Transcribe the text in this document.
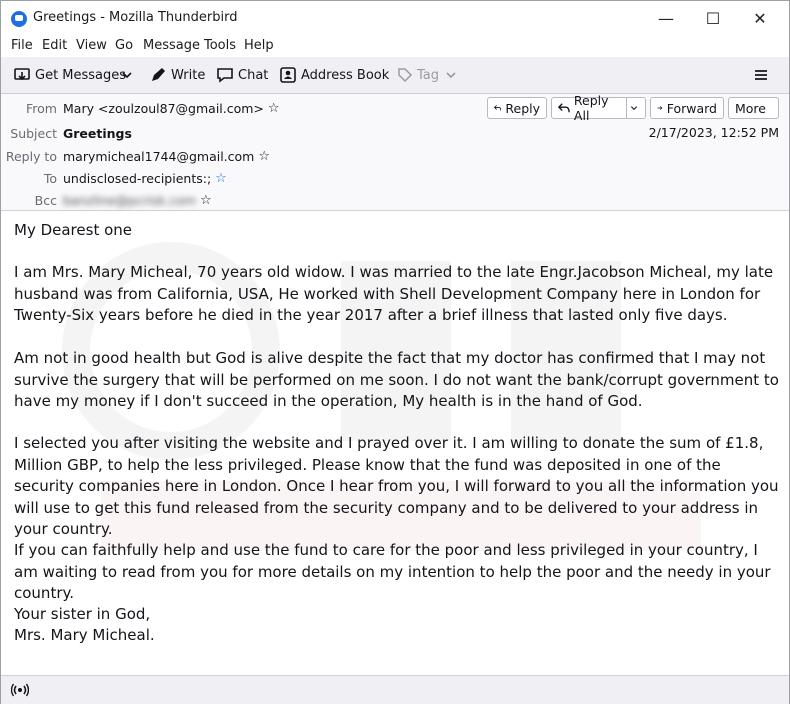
Greetings - Mozilla Thunderbird	—	☐	✕
File Edit View Go Message Tools Help
Get Messages	Write	Chat	Address Book Tag
From Mary <zoulzoul87@gmail.com> ☆
Subject Greetings
Reply to marymicheal1744@gmail.com ☆
To undisclosed-recipients:; ☆
Bcc banzline@pcrisk.com ☆
Reply	Reply All	Forward More
2/17/2023, 12:52 PM

My Dearest one

I am Mrs. Mary Micheal, 70 years old widow. I was married to the late Engr.Jacobson Micheal, my late husband was from California, USA, He worked with Shell Development Company here in London for Twenty-Six years before he died in the year 2017 after a brief illness that lasted only five days.

Am not in good health but God is alive despite the fact that my doctor has confirmed that I may not survive the surgery that will be performed on me soon. I do not want the bank/corrupt government to have my money if I don't succeed in the operation, My health is in the hand of God.

I selected you after visiting the website and I prayed over it. I am willing to donate the sum of £1.8, Million GBP, to help the less privileged. Please know that the fund was deposited in one of the security companies here in London. Once I hear from you, I will forward to you all the information you will use to get this fund released from the security company and to be delivered to your address in your country.

If you can faithfully help and use the fund to care for the poor and less privileged in your country, I am waiting to read from you for more details on my intention to help the poor and the needy in your country.

Your sister in God,

Mrs. Mary Micheal.
